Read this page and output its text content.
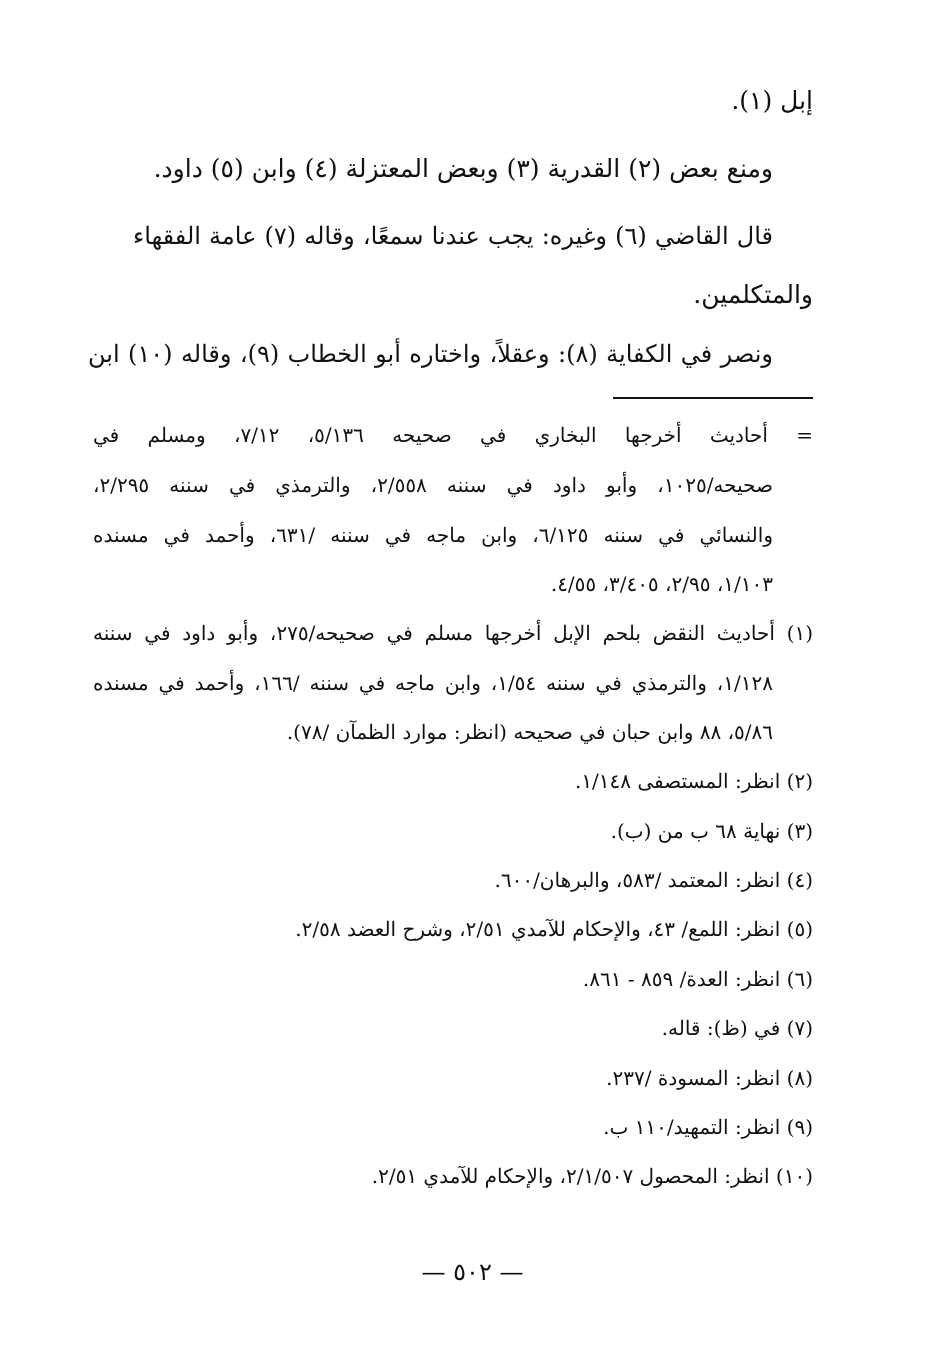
إبل (١).
ومنع بعض (٢) القدرية (٣) وبعض المعتزلة (٤) وابن (٥) داود.
قال القاضي (٦) وغيره: يجب عندنا سمعًا، وقاله (٧) عامة الفقهاء
والمتكلمين.
ونصر في الكفاية (٨): وعقلاً، واختاره أبو الخطاب (٩)، وقاله (١٠) ابن
= أحاديث أخرجها البخاري في صحيحه ٥/١٣٦، ٧/١٢، ومسلم في
صحيحه/١٠٢٥، وأبو داود في سننه ٢/٥٥٨، والترمذي في سننه ٢/٢٩٥،
والنسائي في سننه ٦/١٢٥، وابن ماجه في سننه /٦٣١، وأحمد في مسنده
١/١٠٣، ٢/٩٥، ٣/٤٠٥، ٤/٥٥.
(١) أحاديث النقض بلحم الإبل أخرجها مسلم في صحيحه/٢٧٥، وأبو داود في سننه
١/١٢٨، والترمذي في سننه ١/٥٤، وابن ماجه في سننه /١٦٦، وأحمد في مسنده
٥/٨٦، ٨٨ وابن حبان في صحيحه (انظر: موارد الظمآن /٧٨).
(٢) انظر: المستصفى ١/١٤٨.
(٣) نهاية ٦٨ ب من (ب).
(٤) انظر: المعتمد /٥٨٣، والبرهان/٦٠٠.
(٥) انظر: اللمع/ ٤٣، والإحكام للآمدي ٢/٥١، وشرح العضد ٢/٥٨.
(٦) انظر: العدة/ ٨٥٩ - ٨٦١.
(٧) في (ظ): قاله.
(٨) انظر: المسودة /٢٣٧.
(٩) انظر: التمهيد/١١٠ ب.
(١٠) انظر: المحصول ٢/١/٥٠٧، والإحكام للآمدي ٢/٥١.
— ٥٠٢ —
